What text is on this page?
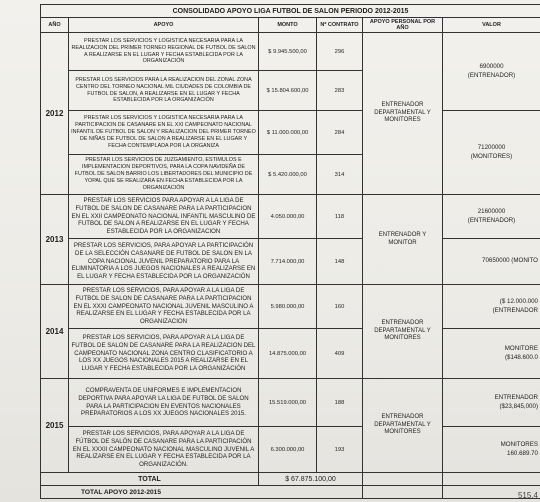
CONSOLIDADO APOYO LIGA FUTBOL DE SALON PERIODO 2012-2015					
AÑO	APOYO	MONTO	Nº CONTRATO	APOYO PERSONAL POR AÑO	VALOR
2012	PRESTAR LOS SERVICIOS Y LOGISTICA NECESARIA PARA LA REALIZACION DEL PRIMER TORNEO REGIONAL DE FUTBOL DE SALON A REALIZARSE EN EL LUGAR Y FECHA ESTABLECIDA POR LA ORGANIZACIÓN	$ 9.945.500,00	296	ENTRENADOR DEPARTAMENTAL Y MONITORES	6900000
(ENTRENADOR)

	PRESTAR LOS SERVICIOS PARA LA REALIZACION DEL ZONAL ZONA CENTRO DEL TORNEO NACIONAL MIL CIUDADES DE COLOMBIA DE FUTBOL DE SALON, A REALIZARSE EN EL LUGAR Y FECHA ESTABLECIDA POR LA ORGANIZACIÓN	$ 15.804.600,00	283		
	PRESTAR LOS SERVICIOS Y LOGISTICA NECESARIA PARA LA PARTICIPACION DE CASANARE EN EL XXI CAMPEONATO NACIONAL INFANTIL DE FUTBOL DE SALON Y REALIZACION DEL PRIMER TORNEO DE NIÑAS DE FUTBOL DE SALON A REALIZARSE EN EL LUGAR Y FECHA CONTEMPLADA POR LA ORGANIZA	$ 11.000.000,00	284		71200000
(MONITORES)

	PRESTAR LOS SERVICIOS DE JUZGAMIENTO, ESTIMULOS E IMPLEMENTACION DEPORTIVOS, PARA LA COPA NAVIDEÑA DE FUTBOL DE SALON BARRIO LOS LIBERTADORES DEL MUNICIPIO DE YOPAL QUE SE REALIZARA EN FECHA ESTABLECIDA POR LA ORGANIZACIÓN	$ 5.420.000,00	314		
2013	PRESTAR LOS SERVICIOS PARA APOYAR A LA LIGA DE FUTBOL DE SALON DE CASANARE PARA LA PARTICIPACION EN EL XXII CAMPEONATO NACIONAL INFANTIL MASCULINO DE FUTBOL DE SALON A REALIZARSE EN EL LUGAR Y FECHA ESTABLECIDA POR LA ORGANIZACION	4.050.000,00	118	ENTRENADOR Y MONITOR	21600000
(ENTRENADOR)

	PRESTAR LOS SERVICIOS, PARA APOYAR LA PARTICIPACIÓN DE LA SELECCIÓN CASANARE DE FUTBOL DE SALON EN LA COPA NACIONAL JUVENIL PREPARATORIO PARA LA ELIMINATORIA A LOS JUEGOS NACIONALES A REALIZARSE EN EL LUGAR Y FECHA ESTABLECIDA POR LA ORGANIZACIÓN	7.714.000,00	148		70650000 (MONITO
2014	PRESTAR LOS SERVICIOS, PARA APOYAR A LA LIGA DE FUTBOL DE SALON DE CASANARE PARA LA PARTICIPACION EN EL XXXI CAMPEONATO NACIONAL JUVENIL MASCULINO A REALIZARSE EN EL LUGAR Y FECHA ESTABLECIDA POR LA ORGANIZACION	5.980.000,00	160	ENTRENADOR DEPARTAMENTAL Y MONITORES	($ 12.000.000
(ENTRENADOR

	PRESTAR LOS SERVICIOS, PARA APOYAR A LA LIGA DE FUTBOL DE SALON DE CASANARE PARA LA REALIZACION DEL CAMPEONATO NACIONAL ZONA CENTRO CLASIFICATORIO A LOS XX JUEGOS NACIONALES 2015 A REALIZARSE EN EL LUGAR Y FECHA ESTABLECIDA POR LA ORGANIZACIÓN	14.875.000,00	409		MONITORE
($148.600.0

2015	COMPRAVENTA DE UNIFORMES E IMPLEMENTACION DEPORTIVA PARA APOYAR LA LIGA DE FUTBOL DE SALON PARA LA PARTICIPACION EN EVENTOS NACIONALES PREPARATORIOS A LOS XX JUEGOS NACIONALES 2015.	15.519.000,00	188	ENTRENADOR DEPARTAMENTAL Y MONITORES	ENTRENADOR
($23,845,000)

	PRESTAR LOS SERVICIOS, PARA APOYAR A LA LIGA DE FÚTBOL DE SALÓN DE CASANARE PARA LA PARTICIPACIÓN EN EL XXXII CAMPEONATO NACIONAL MASCULINO JUVENIL A REALIZARSE EN EL LUGAR Y FECHA ESTABLECIDA POR LA ORGANIZACIÓN.	6.300.000,00	193		MONITORES
160.689.70

TOTAL		$ 67.875.100,00			
TOTAL APOYO 2012-2015						515.4
